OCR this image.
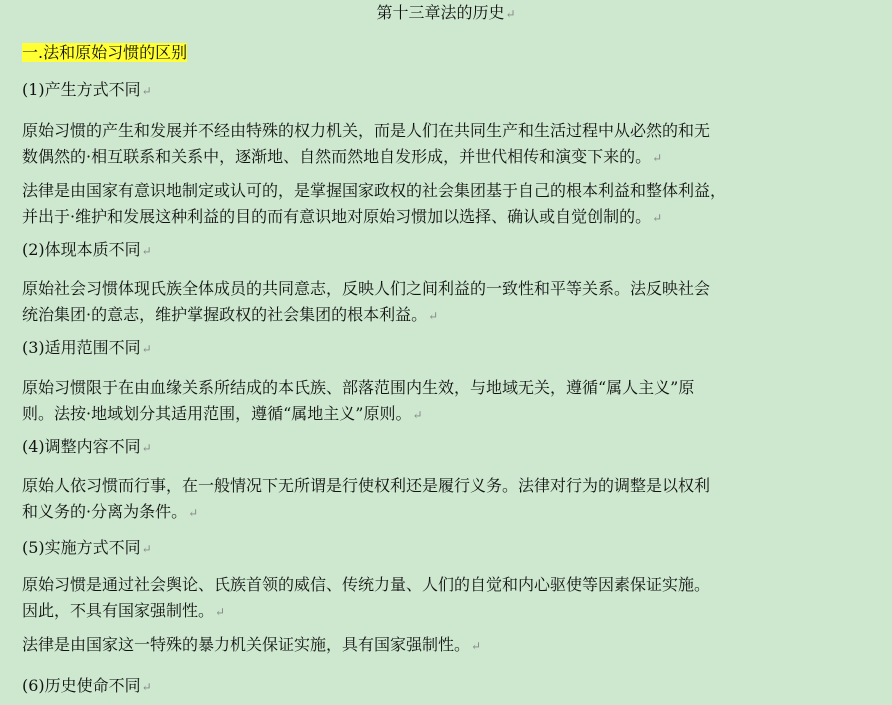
第十三章法的历史↵
一.法和原始习惯的区别
(1)产生方式不同↵
原始习惯的产生和发展并不经由特殊的权力机关，而是人们在共同生产和生活过程中从必然的和无
数偶然的·相互联系和关系中，逐渐地、自然而然地自发形成，并世代相传和演变下来的。↵
法律是由国家有意识地制定或认可的，是掌握国家政权的社会集团基于自己的根本利益和整体利益，
并出于·维护和发展这种利益的目的而有意识地对原始习惯加以选择、确认或自觉创制的。↵
(2)体现本质不同↵
原始社会习惯体现氏族全体成员的共同意志，反映人们之间利益的一致性和平等关系。法反映社会
统治集团·的意志，维护掌握政权的社会集团的根本利益。↵
(3)适用范围不同↵
原始习惯限于在由血缘关系所结成的本氏族、部落范围内生效，与地域无关，遵循“属人主义”原
则。法按·地域划分其适用范围，遵循“属地主义”原则。↵
(4)调整内容不同↵
原始人依习惯而行事，在一般情况下无所谓是行使权利还是履行义务。法律对行为的调整是以权利
和义务的·分离为条件。↵
(5)实施方式不同↵
原始习惯是通过社会舆论、氏族首领的威信、传统力量、人们的自觉和内心驱使等因素保证实施。
因此，不具有国家强制性。↵
法律是由国家这一特殊的暴力机关保证实施，具有国家强制性。↵
(6)历史使命不同↵
